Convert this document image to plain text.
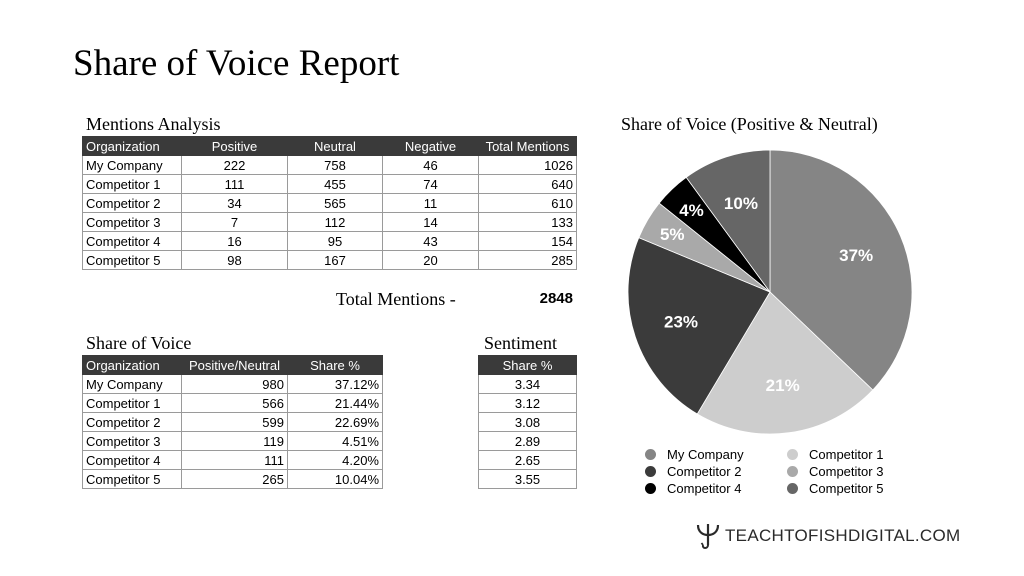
Share of Voice Report
Mentions Analysis
Organization	Positive	Neutral	Negative	Total Mentions
My Company	222	758	46	1026
Competitor 1	111	455	74	640
Competitor 2	34	565	11	610
Competitor 3	7	112	14	133
Competitor 4	16	95	43	154
Competitor 5	98	167	20	285
Total Mentions -	2848
Share of Voice
Organization	Positive/Neutral	Share %
My Company	980	37.12%
Competitor 1	566	21.44%
Competitor 2	599	22.69%
Competitor 3	119	4.51%
Competitor 4	111	4.20%
Competitor 5	265	10.04%
Sentiment
Share %
3.34
3.12
3.08
2.89
2.65
3.55
Share of Voice (Positive & Neutral)
37%
21%
23%
5%
4% 10%
My Company	Competitor 1
Competitor 2	Competitor 3
Competitor 4	Competitor 5
TEACHTOFISHDIGITAL.COM
